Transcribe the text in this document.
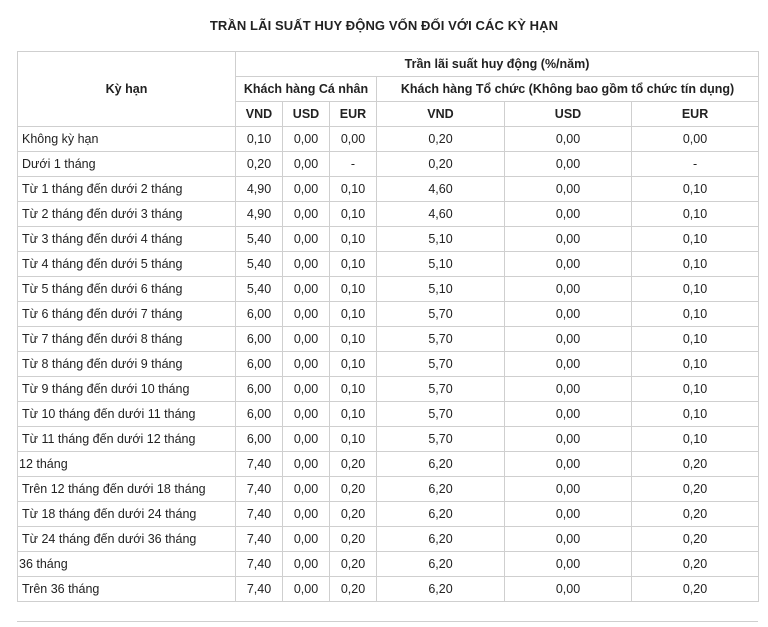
TRẦN LÃI SUẤT HUY ĐỘNG VỐN ĐỐI VỚI CÁC KỲ HẠN
Kỳ hạn	Trần lãi suất huy động (%/năm)					
	Khách hàng Cá nhân			Khách hàng Tổ chức (Không bao gồm tổ chức tín dụng)		
	VND	USD	EUR	VND	USD	EUR
Không kỳ hạn	0,10	0,00	0,00	0,20	0,00	0,00
Dưới 1 tháng	0,20	0,00	-	0,20	0,00	-
Từ 1 tháng đến dưới 2 tháng	4,90	0,00	0,10	4,60	0,00	0,10
Từ 2 tháng đến dưới 3 tháng	4,90	0,00	0,10	4,60	0,00	0,10
Từ 3 tháng đến dưới 4 tháng	5,40	0,00	0,10	5,10	0,00	0,10
Từ 4 tháng đến dưới 5 tháng	5,40	0,00	0,10	5,10	0,00	0,10
Từ 5 tháng đến dưới 6 tháng	5,40	0,00	0,10	5,10	0,00	0,10
Từ 6 tháng đến dưới 7 tháng	6,00	0,00	0,10	5,70	0,00	0,10
Từ 7 tháng đến dưới 8 tháng	6,00	0,00	0,10	5,70	0,00	0,10
Từ 8 tháng đến dưới 9 tháng	6,00	0,00	0,10	5,70	0,00	0,10
Từ 9 tháng đến dưới 10 tháng	6,00	0,00	0,10	5,70	0,00	0,10
Từ 10 tháng đến dưới 11 tháng	6,00	0,00	0,10	5,70	0,00	0,10
Từ 11 tháng đến dưới 12 tháng	6,00	0,00	0,10	5,70	0,00	0,10
12 tháng	7,40	0,00	0,20	6,20	0,00	0,20
Trên 12 tháng đến dưới 18 tháng	7,40	0,00	0,20	6,20	0,00	0,20
Từ 18 tháng đến dưới 24 tháng	7,40	0,00	0,20	6,20	0,00	0,20
Từ 24 tháng đến dưới 36 tháng	7,40	0,00	0,20	6,20	0,00	0,20
36 tháng	7,40	0,00	0,20	6,20	0,00	0,20
Trên 36 tháng	7,40	0,00	0,20	6,20	0,00	0,20
